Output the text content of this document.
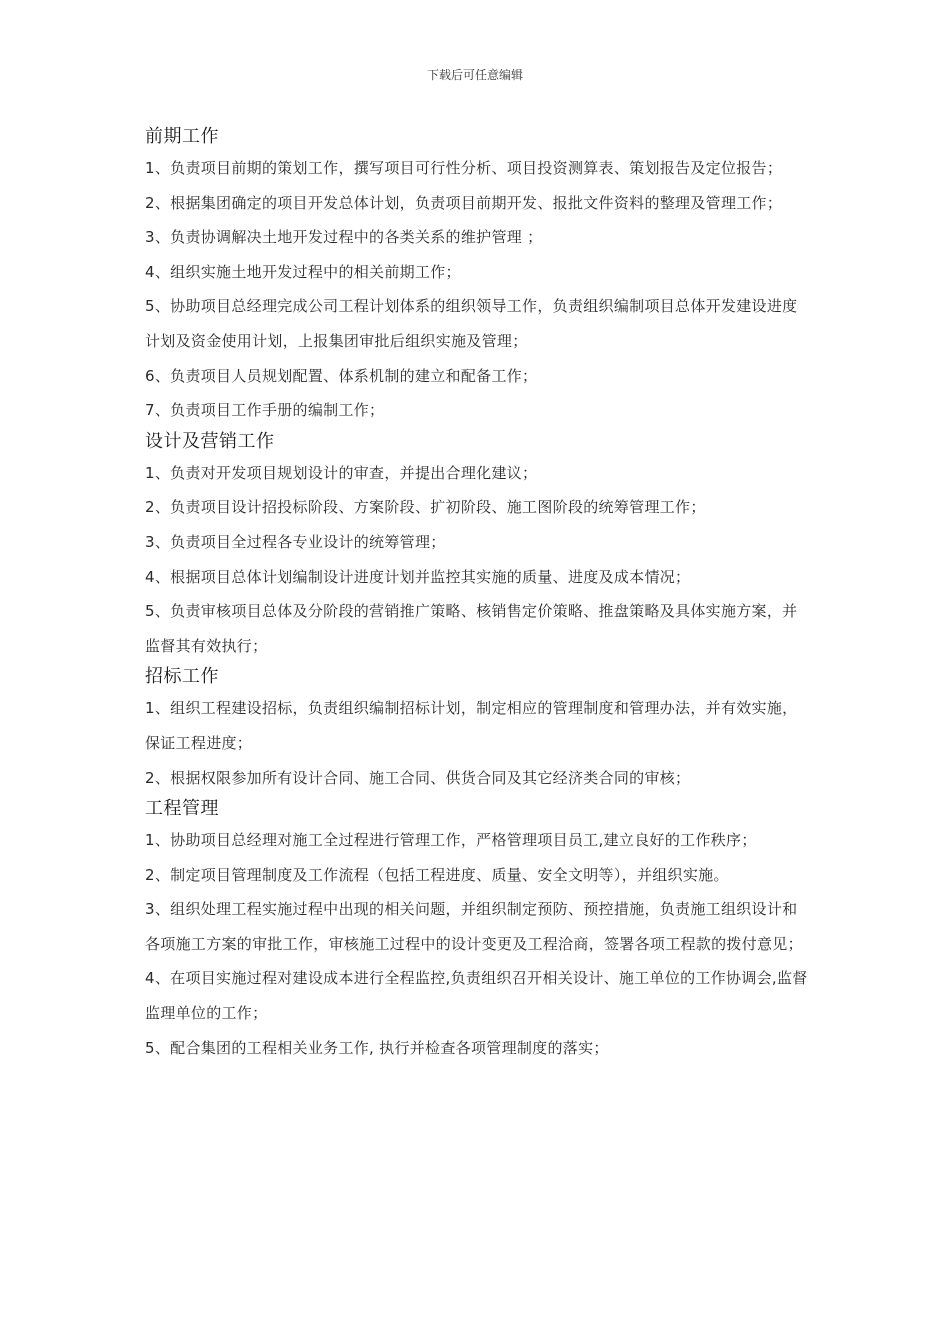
下载后可任意编辑
前期工作

1、负责项目前期的策划工作，撰写项目可行性分析、项目投资测算表、策划报告及定位报告；

2、根据集团确定的项目开发总体计划，负责项目前期开发、报批文件资料的整理及管理工作；

3、负责协调解决土地开发过程中的各类关系的维护管理 ；

4、组织实施土地开发过程中的相关前期工作；

5、协助项目总经理完成公司工程计划体系的组织领导工作，负责组织编制项目总体开发建设进度计划及资金使用计划，上报集团审批后组织实施及管理；

6、负责项目人员规划配置、体系机制的建立和配备工作；

7、负责项目工作手册的编制工作；

设计及营销工作

1、负责对开发项目规划设计的审查，并提出合理化建议；

2、负责项目设计招投标阶段、方案阶段、扩初阶段、施工图阶段的统筹管理工作；

3、负责项目全过程各专业设计的统筹管理；

4、根据项目总体计划编制设计进度计划并监控其实施的质量、进度及成本情况；

5、负责审核项目总体及分阶段的营销推广策略、核销售定价策略、推盘策略及具体实施方案，并监督其有效执行；

招标工作

1、组织工程建设招标，负责组织编制招标计划，制定相应的管理制度和管理办法，并有效实施，保证工程进度；

2、根据权限参加所有设计合同、施工合同、供货合同及其它经济类合同的审核；

工程管理

1、协助项目总经理对施工全过程进行管理工作，严格管理项目员工,建立良好的工作秩序；

2、制定项目管理制度及工作流程（包括工程进度、质量、安全文明等），并组织实施。

3、组织处理工程实施过程中出现的相关问题，并组织制定预防、预控措施，负责施工组织设计和各项施工方案的审批工作，审核施工过程中的设计变更及工程洽商，签署各项工程款的拨付意见；

4、在项目实施过程对建设成本进行全程监控,负责组织召开相关设计、施工单位的工作协调会,监督监理单位的工作；

5、配合集团的工程相关业务工作, 执行并检查各项管理制度的落实；
